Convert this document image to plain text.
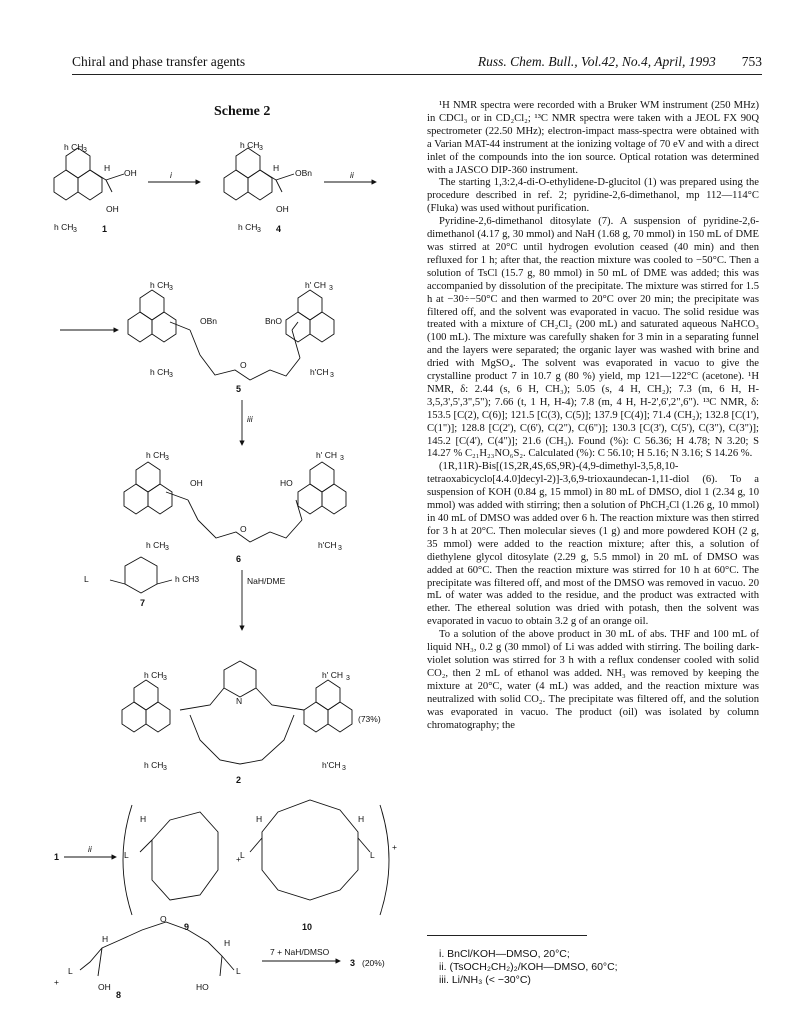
Chiral and phase transfer agents	Russ. Chem. Bull., Vol.42, No.4, April, 1993 753
Scheme 2
h CH 3
OH
OH
H
h CH 3	1
i
h CH 3
OBn
OH
H
h CH 3 4
ii
h CH 3	h' CH 3
OBn	BnO
O
h CH 3	h'CH 3
5
iii
h CH 3	h' CH 3
OH	HO
O
h CH 3	h'CH 3
6
L	h CH3
7
NaH/DME
h CH 3	h' CH 3
N
h CH 3	h'CH 3
(73%)
2
1
ii
H
L
9
+
H	H
L	L
10
+
+
H	H
L	L
O
OH	HO
8
7 + NaH/DMSO
3 (20%)

¹H NMR spectra were recorded with a Bruker WM instrument (250 MHz) in CDCl₃ or in CD₂Cl₂; ¹³C NMR spectra were taken with a JEOL FX 90Q spectrometer (22.50 MHz); electron-impact mass-spectra were obtained with a Varian MAT-44 instrument at the ionizing voltage of 70 eV and with a direct inlet of the compounds into the ion source. Optical rotation was determined with a JASCO DIP-360 instrument.

The starting 1,3:2,4-di-O-ethylidene-D-glucitol (1) was prepared using the procedure described in ref. 2; pyridine-2,6-dimethanol, mp 112—114°C (Fluka) was used without purification.

Pyridine-2,6-dimethanol ditosylate (7). A suspension of pyridine-2,6-dimethanol (4.17 g, 30 mmol) and NaH (1.68 g, 70 mmol) in 150 mL of DME was stirred at 20°C until hydrogen evolution ceased (40 min) and then refluxed for 1 h; after that, the reaction mixture was cooled to −50°C. Then a solution of TsCl (15.7 g, 80 mmol) in 50 mL of DME was added; this was accompanied by dissolution of the precipitate. The mixture was stirred for 1.5 h at −30÷−50°C and then warmed to 20°C over 20 min; the precipitate was filtered off, and the solvent was evaporated in vacuo. The solid residue was treated with a mixture of CH₂Cl₂ (200 mL) and saturated aqueous NaHCO₃ (100 mL). The mixture was carefully shaken for 3 min in a separating funnel and the layers were separated; the organic layer was washed with brine and dried with MgSO₄. The solvent was evaporated in vacuo to give the crystalline product 7 in 10.7 g (80 %) yield, mp 121—122°C (acetone). ¹H NMR, δ: 2.44 (s, 6 H, CH₃); 5.05 (s, 4 H, CH₂); 7.3 (m, 6 H, H-3,5,3',5',3",5"); 7.66 (t, 1 H, H-4); 7.8 (m, 4 H, H-2',6',2",6"). ¹³C NMR, δ: 153.5 [C(2), C(6)]; 121.5 [C(3), C(5)]; 137.9 [C(4)]; 71.4 (CH₂); 132.8 [C(1'), C(1")]; 128.8 [C(2'), C(6'), C(2"), C(6")]; 130.3 [C(3'), C(5'), C(3"), C(3")]; 145.2 [C(4'), C(4")]; 21.6 (CH₃). Found (%): C 56.36; H 4.78; N 3.20; S 14.27 % C₂₁H₂₃NO₆S₂. Calculated (%): C 56.10; H 5.16; N 3.16; S 14.26 %.

(1R,11R)-Bis[(1S,2R,4S,6S,9R)-(4,9-dimethyl-3,5,8,10-tetraoxabicyclo[4.4.0]decyl-2)]-3,6,9-trioxaundecan-1,11-diol (6). To a suspension of KOH (0.84 g, 15 mmol) in 80 mL of DMSO, diol 1 (2.34 g, 10 mmol) was added with stirring; then a solution of PhCH₂Cl (1.26 g, 10 mmol) in 40 mL of DMSO was added over 6 h. The reaction mixture was then stirred for 3 h at 20°C. Then molecular sieves (1 g) and more powdered KOH (2 g, 35 mmol) were added to the reaction mixture; after this, a solution of diethylene glycol ditosylate (2.29 g, 5.5 mmol) in 20 mL of DMSO was added at 60°C. Then the reaction mixture was stirred for 10 h at 60°C. The precipitate was filtered off, and most of the DMSO was removed in vacuo. 20 mL of water was added to the residue, and the product was extracted with ether. The ethereal solution was dried with potash, then the solvent was evaporated in vacuo to obtain 3.2 g of an orange oil.

To a solution of the above product in 30 mL of abs. THF and 100 mL of liquid NH₃, 0.2 g (30 mmol) of Li was added with stirring. The boiling dark-violet solution was stirred for 3 h with a reflux condenser cooled with solid CO₂, then 2 mL of ethanol was added. NH₃ was removed by keeping the mixture at 20°C, water (4 mL) was added, and the reaction mixture was neutralized with solid CO₂. The precipitate was filtered off, and the solution was evaporated in vacuo. The product (oil) was isolated by column chromatography; the

i. BnCl/KOH—DMSO, 20°C;
ii. (TsOCH₂CH₂)₂/KOH—DMSO, 60°C;
iii. Li/NH₃ (< −30°C)
